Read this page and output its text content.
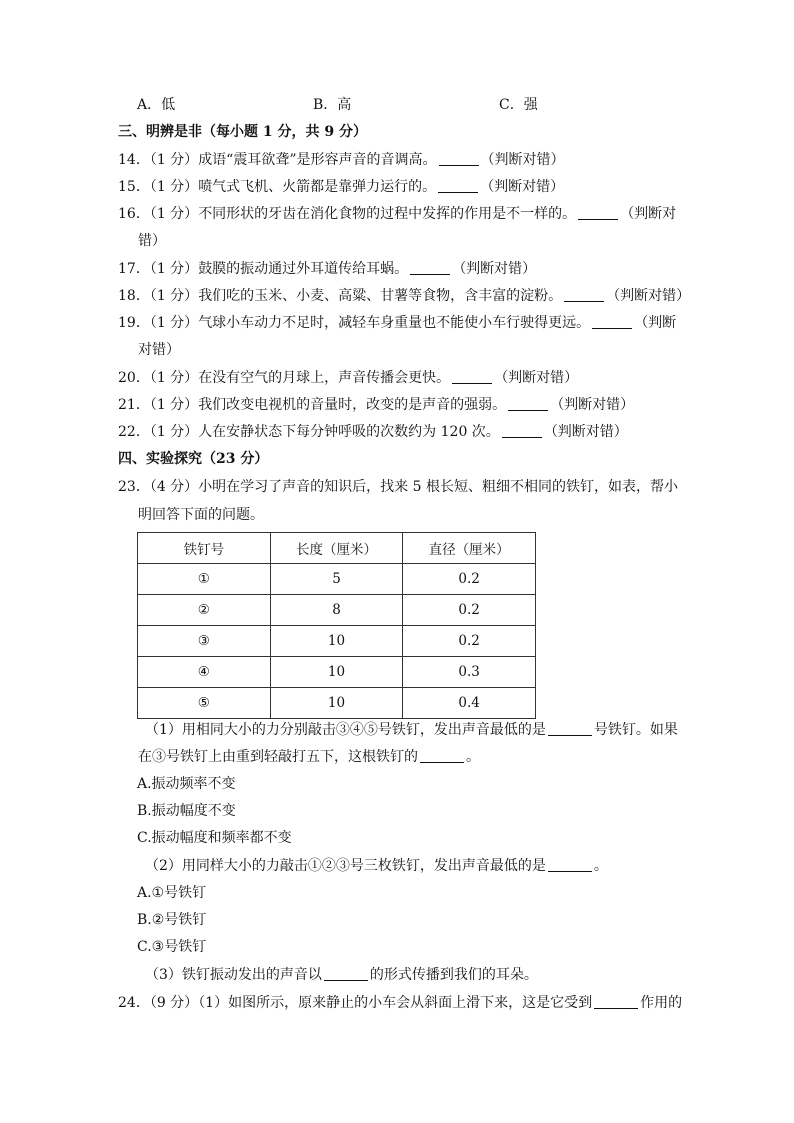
A．低	B．高	C．强
三、明辨是非（每小题 1 分，共 9 分）
14．（1 分）成语“震耳欲聋”是形容声音的音调高。	（判断对错）
15．（1 分）喷气式飞机、火箭都是靠弹力运行的。	（判断对错）
16．（1 分）不同形状的牙齿在消化食物的过程中发挥的作用是不一样的。	（判断对
错）
17．（1 分）鼓膜的振动通过外耳道传给耳蜗。	（判断对错）
18．（1 分）我们吃的玉米、小麦、高粱、甘薯等食物，含丰富的淀粉。	（判断对错）
19．（1 分）气球小车动力不足时，减轻车身重量也不能使小车行驶得更远。	（判断
对错）
20．（1 分）在没有空气的月球上，声音传播会更快。	（判断对错）
21．（1 分）我们改变电视机的音量时，改变的是声音的强弱。	（判断对错）
22．（1 分）人在安静状态下每分钟呼吸的次数约为 120 次。	（判断对错）
四、实验探究（23 分）
23．（4 分）小明在学习了声音的知识后，找来 5 根长短、粗细不相同的铁钉，如表，帮小
明回答下面的问题。
铁钉号	长度（厘米）	直径（厘米）
①	5	0.2
②	8	0.2
③	10	0.2
④	10	0.3
⑤	10	0.4
（1）用相同大小的力分别敲击③④⑤号铁钉，发出声音最低的是	号铁钉。如果
在③号铁钉上由重到轻敲打五下，这根铁钉的	。
A.振动频率不变
B.振动幅度不变
C.振动幅度和频率都不变
（2）用同样大小的力敲击①②③号三枚铁钉，发出声音最低的是	。
A.①号铁钉
B.②号铁钉
C.③号铁钉
（3）铁钉振动发出的声音以	的形式传播到我们的耳朵。
24．（9 分）（1）如图所示，原来静止的小车会从斜面上滑下来，这是它受到	作用的
